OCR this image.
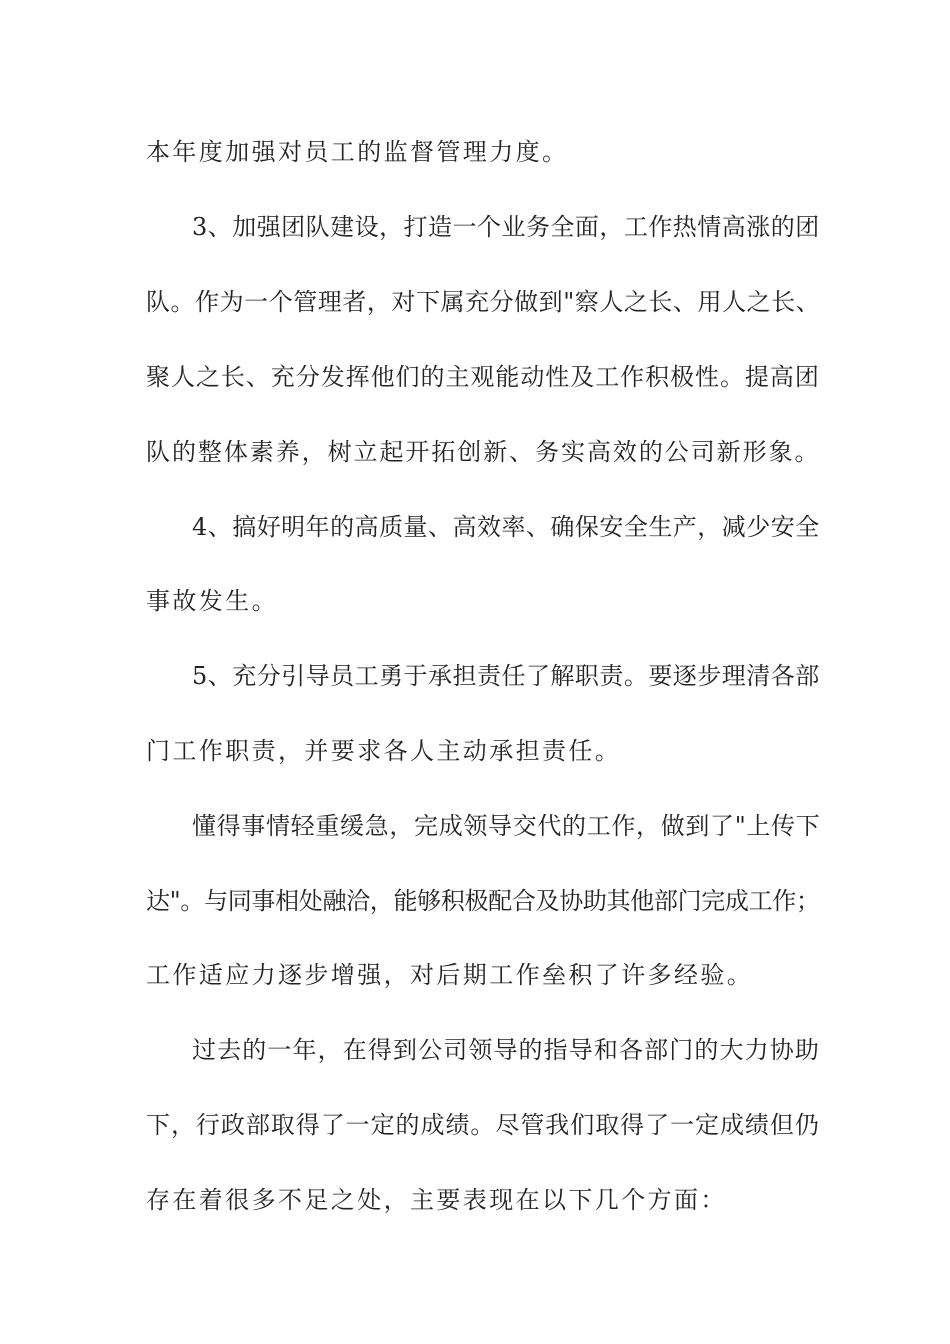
本年度加强对员工的监督管理力度。
3、加强团队建设，打造一个业务全面，工作热情高涨的团
队。作为一个管理者，对下属充分做到"察人之长、用人之长、
聚人之长、充分发挥他们的主观能动性及工作积极性。提高团
队的整体素养，树立起开拓创新、务实高效的公司新形象。
4、搞好明年的高质量、高效率、确保安全生产，减少安全
事故发生。
5、充分引导员工勇于承担责任了解职责。要逐步理清各部
门工作职责，并要求各人主动承担责任。
懂得事情轻重缓急，完成领导交代的工作，做到了"上传下
达"。与同事相处融洽，能够积极配合及协助其他部门完成工作；
工作适应力逐步增强，对后期工作垒积了许多经验。
过去的一年，在得到公司领导的指导和各部门的大力协助
下，行政部取得了一定的成绩。尽管我们取得了一定成绩但仍
存在着很多不足之处，主要表现在以下几个方面：
